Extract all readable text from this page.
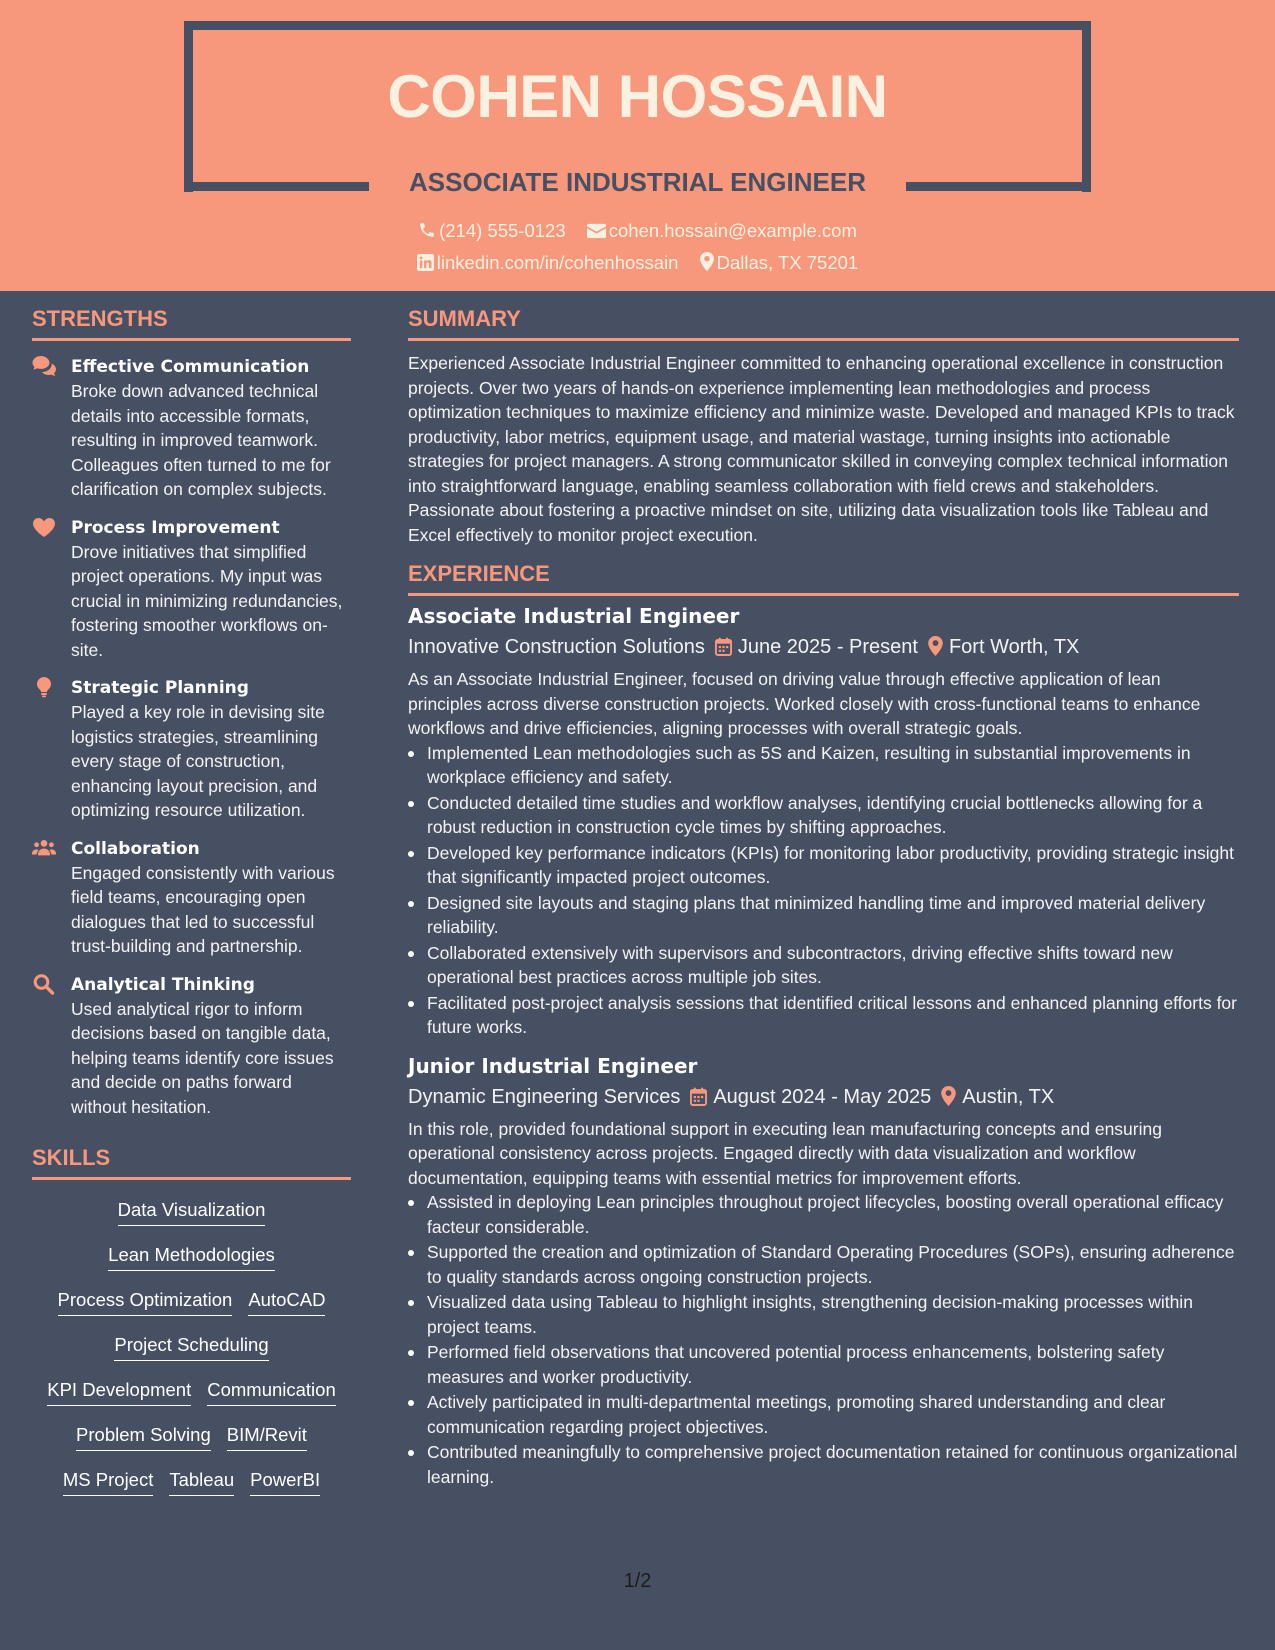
COHEN HOSSAIN
ASSOCIATE INDUSTRIAL ENGINEER
(214) 555-0123 cohen.hossain@example.com
linkedin.com/in/cohenhossain Dallas, TX 75201
STRENGTHS
Effective Communication
Broke down advanced technical details into accessible formats, resulting in improved teamwork. Colleagues often turned to me for clarification on complex subjects.
Process Improvement
Drove initiatives that simplified project operations. My input was crucial in minimizing redundancies, fostering smoother workflows on-site.
Strategic Planning
Played a key role in devising site logistics strategies, streamlining every stage of construction, enhancing layout precision, and optimizing resource utilization.
Collaboration
Engaged consistently with various field teams, encouraging open dialogues that led to successful trust-building and partnership.
Analytical Thinking
Used analytical rigor to inform decisions based on tangible data, helping teams identify core issues and decide on paths forward without hesitation.
SKILLS
Data Visualization
Lean Methodologies
Process Optimization AutoCAD
Project Scheduling
KPI Development Communication
Problem Solving BIM/Revit
MS Project Tableau PowerBI
SUMMARY
Experienced Associate Industrial Engineer committed to enhancing operational excellence in construction projects. Over two years of hands-on experience implementing lean methodologies and process optimization techniques to maximize efficiency and minimize waste. Developed and managed KPIs to track productivity, labor metrics, equipment usage, and material wastage, turning insights into actionable strategies for project managers. A strong communicator skilled in conveying complex technical information into straightforward language, enabling seamless collaboration with field crews and stakeholders. Passionate about fostering a proactive mindset on site, utilizing data visualization tools like Tableau and Excel effectively to monitor project execution.
EXPERIENCE
Associate Industrial Engineer
Innovative Construction Solutions June 2025 - Present Fort Worth, TX
As an Associate Industrial Engineer, focused on driving value through effective application of lean principles across diverse construction projects. Worked closely with cross-functional teams to enhance workflows and drive efficiencies, aligning processes with overall strategic goals.
Implemented Lean methodologies such as 5S and Kaizen, resulting in substantial improvements in workplace efficiency and safety.
Conducted detailed time studies and workflow analyses, identifying crucial bottlenecks allowing for a robust reduction in construction cycle times by shifting approaches.
Developed key performance indicators (KPIs) for monitoring labor productivity, providing strategic insight that significantly impacted project outcomes.
Designed site layouts and staging plans that minimized handling time and improved material delivery reliability.
Collaborated extensively with supervisors and subcontractors, driving effective shifts toward new operational best practices across multiple job sites.
Facilitated post-project analysis sessions that identified critical lessons and enhanced planning efforts for future works.
Junior Industrial Engineer
Dynamic Engineering Services August 2024 - May 2025 Austin, TX
In this role, provided foundational support in executing lean manufacturing concepts and ensuring operational consistency across projects. Engaged directly with data visualization and workflow documentation, equipping teams with essential metrics for improvement efforts.
Assisted in deploying Lean principles throughout project lifecycles, boosting overall operational efficacy facteur considerable.
Supported the creation and optimization of Standard Operating Procedures (SOPs), ensuring adherence to quality standards across ongoing construction projects.
Visualized data using Tableau to highlight insights, strengthening decision-making processes within project teams.
Performed field observations that uncovered potential process enhancements, bolstering safety measures and worker productivity.
Actively participated in multi-departmental meetings, promoting shared understanding and clear communication regarding project objectives.
Contributed meaningfully to comprehensive project documentation retained for continuous organizational learning.
1/2
